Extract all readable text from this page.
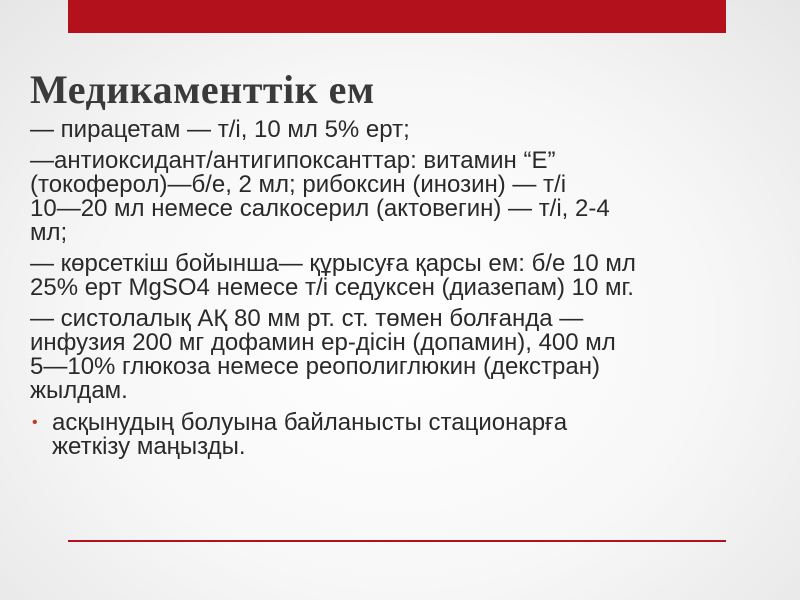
Медикаменттік ем
— пирацетам — т/і, 10 мл 5% ерт;
—антиоксидант/антигипоксанттар: витамин “Е”
(токоферол)—б/е, 2 мл; рибоксин (инозин) — т/і
10—20 мл немесе салкосерил (актовегин) — т/і, 2-4
мл;
— көрсеткіш бойынша— құрысуға қарсы ем: б/е 10 мл
25% ерт MgSO4 немесе т/і седуксен (диазепам) 10 мг.
— систолалық АҚ 80 мм рт. ст. төмен болғанда —
инфузия 200 мг дофамин ер-дісін (допамин), 400 мл
5—10% глюкоза немесе реополиглюкин (декстран)
жылдам.
• асқынудың болуына байланысты стационарға
жеткізу маңызды.
